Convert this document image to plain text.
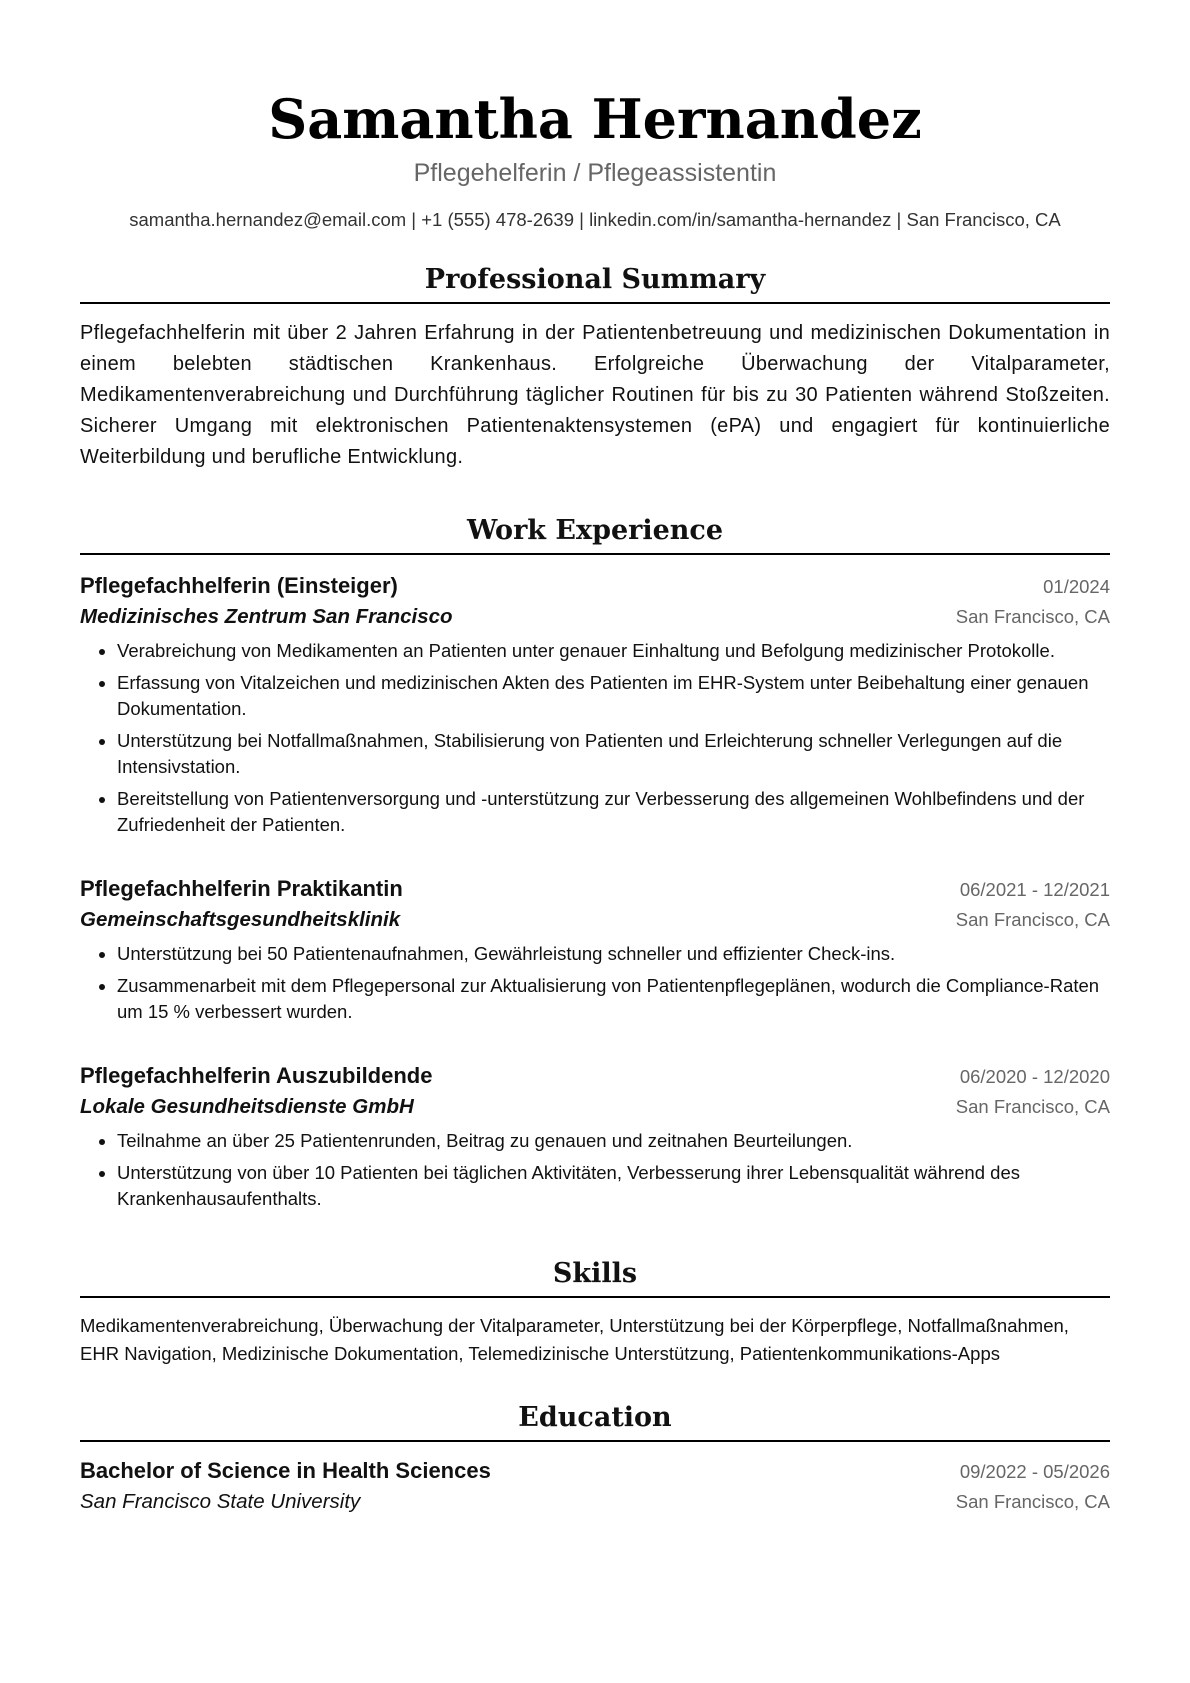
Samantha Hernandez
Pflegehelferin / Pflegeassistentin
samantha.hernandez@email.com | +1 (555) 478-2639 | linkedin.com/in/samantha-hernandez | San Francisco, CA
Professional Summary
Pflegefachhelferin mit über 2 Jahren Erfahrung in der Patientenbetreuung und medizinischen Dokumentation in einem belebten städtischen Krankenhaus. Erfolgreiche Überwachung der Vitalparameter, Medikamentenverabreichung und Durchführung täglicher Routinen für bis zu 30 Patienten während Stoßzeiten. Sicherer Umgang mit elektronischen Patientenaktensystemen (ePA) und engagiert für kontinuierliche Weiterbildung und berufliche Entwicklung.
Work Experience
Pflegefachhelferin (Einsteiger)	01/2024
Medizinisches Zentrum San Francisco	San Francisco, CA
• Verabreichung von Medikamenten an Patienten unter genauer Einhaltung und Befolgung medizinischer Protokolle.
• Erfassung von Vitalzeichen und medizinischen Akten des Patienten im EHR-System unter Beibehaltung einer genauen Dokumentation.
• Unterstützung bei Notfallmaßnahmen, Stabilisierung von Patienten und Erleichterung schneller Verlegungen auf die Intensivstation.
• Bereitstellung von Patientenversorgung und -unterstützung zur Verbesserung des allgemeinen Wohlbefindens und der Zufriedenheit der Patienten.
Pflegefachhelferin Praktikantin	06/2021 - 12/2021
Gemeinschaftsgesundheitsklinik	San Francisco, CA
• Unterstützung bei 50 Patientenaufnahmen, Gewährleistung schneller und effizienter Check-ins.
• Zusammenarbeit mit dem Pflegepersonal zur Aktualisierung von Patientenpflegeplänen, wodurch die Compliance-Raten um 15 % verbessert wurden.
Pflegefachhelferin Auszubildende	06/2020 - 12/2020
Lokale Gesundheitsdienste GmbH	San Francisco, CA
• Teilnahme an über 25 Patientenrunden, Beitrag zu genauen und zeitnahen Beurteilungen.
• Unterstützung von über 10 Patienten bei täglichen Aktivitäten, Verbesserung ihrer Lebensqualität während des Krankenhausaufenthalts.
Skills
Medikamentenverabreichung, Überwachung der Vitalparameter, Unterstützung bei der Körperpflege, Notfallmaßnahmen, EHR Navigation, Medizinische Dokumentation, Telemedizinische Unterstützung, Patientenkommunikations-Apps
Education
Bachelor of Science in Health Sciences	09/2022 - 05/2026
San Francisco State University	San Francisco, CA
